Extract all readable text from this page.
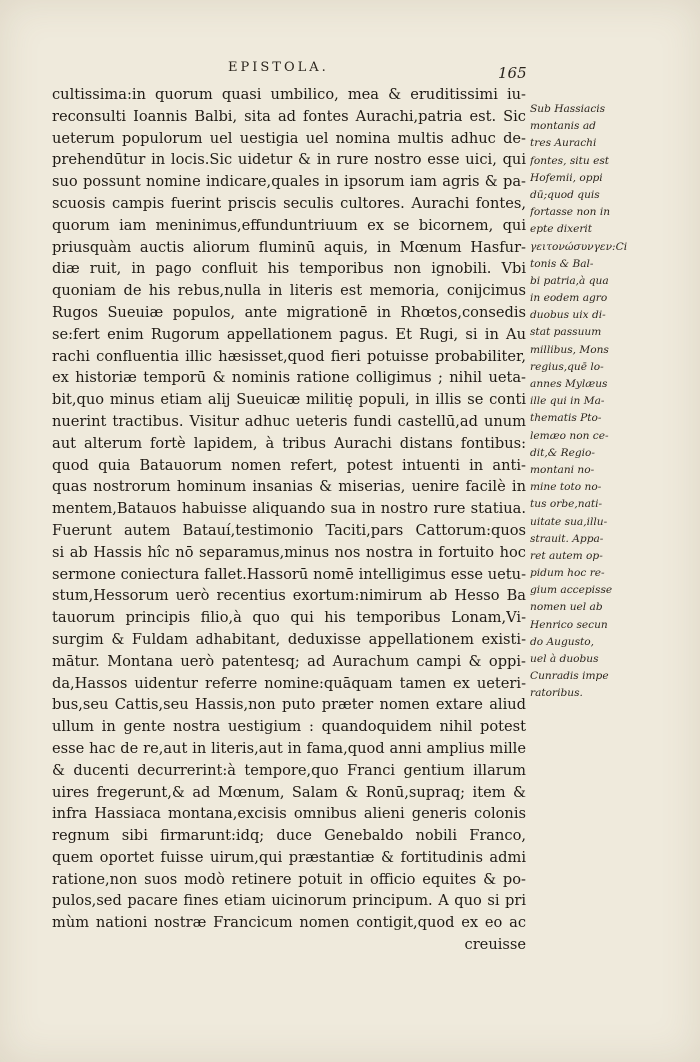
EPISTOLA.	165
cultissima:in quorum quasi umbilico, mea & eruditissimi iu-
reconsulti Ioannis Balbi, sita ad fontes Aurachi,patria est. Sic
ueterum populorum uel uestigia uel nomina multis adhuc de-
prehendūtur in locis.Sic uidetur & in rure nostro esse uici, qui
suo possunt nomine indicare,quales in ipsorum iam agris & pa-
scuosis campis fuerint priscis seculis cultores. Aurachi fontes,
quorum iam meninimus,effunduntriuum ex se bicornem, qui
priusquàm auctis aliorum fluminū aquis, in Mœnum Hasfur-
diæ ruit, in pago confluit his temporibus non ignobili. Vbi
quoniam de his rebus,nulla in literis est memoria, conijcimus
Rugos Sueuiæ populos, ante migrationē in Rhœtos,consedis
se:fert enim Rugorum appellationem pagus. Et Rugi, si in Au
rachi confluentia illic hæsisset,quod fieri potuisse probabiliter,
ex historiæ temporū & nominis ratione colligimus ; nihil ueta-
bit,quo minus etiam alij Sueuicæ militię populi, in illis se conti
nuerint tractibus. Visitur adhuc ueteris fundi castellū,ad unum
aut alterum fortè lapidem, à tribus Aurachi distans fontibus:
quod quia Batauorum nomen refert, potest intuenti in anti-
quas nostrorum hominum insanias & miserias, uenire facilè in
mentem,Batauos habuisse aliquando sua in nostro rure statiua.
Fuerunt autem Batauí,testimonio Taciti,pars Cattorum:quos
si ab Hassis hîc nō separamus,minus nos nostra in fortuito hoc
sermone coniectura fallet.Hassorū nomē intelligimus esse uetu-
stum,Hessorum uerò recentius exortum:nimirum ab Hesso Ba
tauorum principis filio,à quo qui his temporibus Lonam,Vi-
surgim & Fuldam adhabitant, deduxisse appellationem existi-
mātur. Montana uerò patentesq; ad Aurachum campi & oppi-
da,Hassos uidentur referre nomine:quāquam tamen ex ueteri-
bus,seu Cattis,seu Hassis,non puto præter nomen extare aliud
ullum in gente nostra uestigium : quandoquidem nihil potest
esse hac de re,aut in literis,aut in fama,quod anni amplius mille
& ducenti decurrerint:à tempore,quo Franci gentium illarum
uires fregerunt,& ad Mœnum, Salam & Ronū,supraq; item &
infra Hassiaca montana,excisis omnibus alieni generis colonis
regnum sibi firmarunt:idq; duce Genebaldo nobili Franco,
quem oportet fuisse uirum,qui præstantiæ & fortitudinis admi
ratione,non suos modò retinere potuit in officio equites & po-
pulos,sed pacare fines etiam uicinorum principum. A quo si pri
mùm nationi nostræ Francicum nomen contigit,quod ex eo ac
creuisse
Sub Hassiacis
montanis ad
tres Aurachi
fontes, situ est
Hofemii, oppi
dū;quod quis
fortasse non in
epte dixerit
γειτονώσυνγεν:Ci
tonis & Bal-
bi patria,à qua
in eodem agro
duobus uix di-
stat passuum
millibus, Mons
regius,quē lo-
annes Mylæus
ille qui in Ma-
thematis Pto-
lemæo non ce-
dit,& Regio-
montani no-
mine toto no-
tus orbe,nati-
uitate sua,illu-
strauit. Appa-
ret autem op-
pidum hoc re-
gium accepisse
nomen uel ab
Henrico secun
do Augusto,
uel à duobus
Cunradis impe
ratoribus.
